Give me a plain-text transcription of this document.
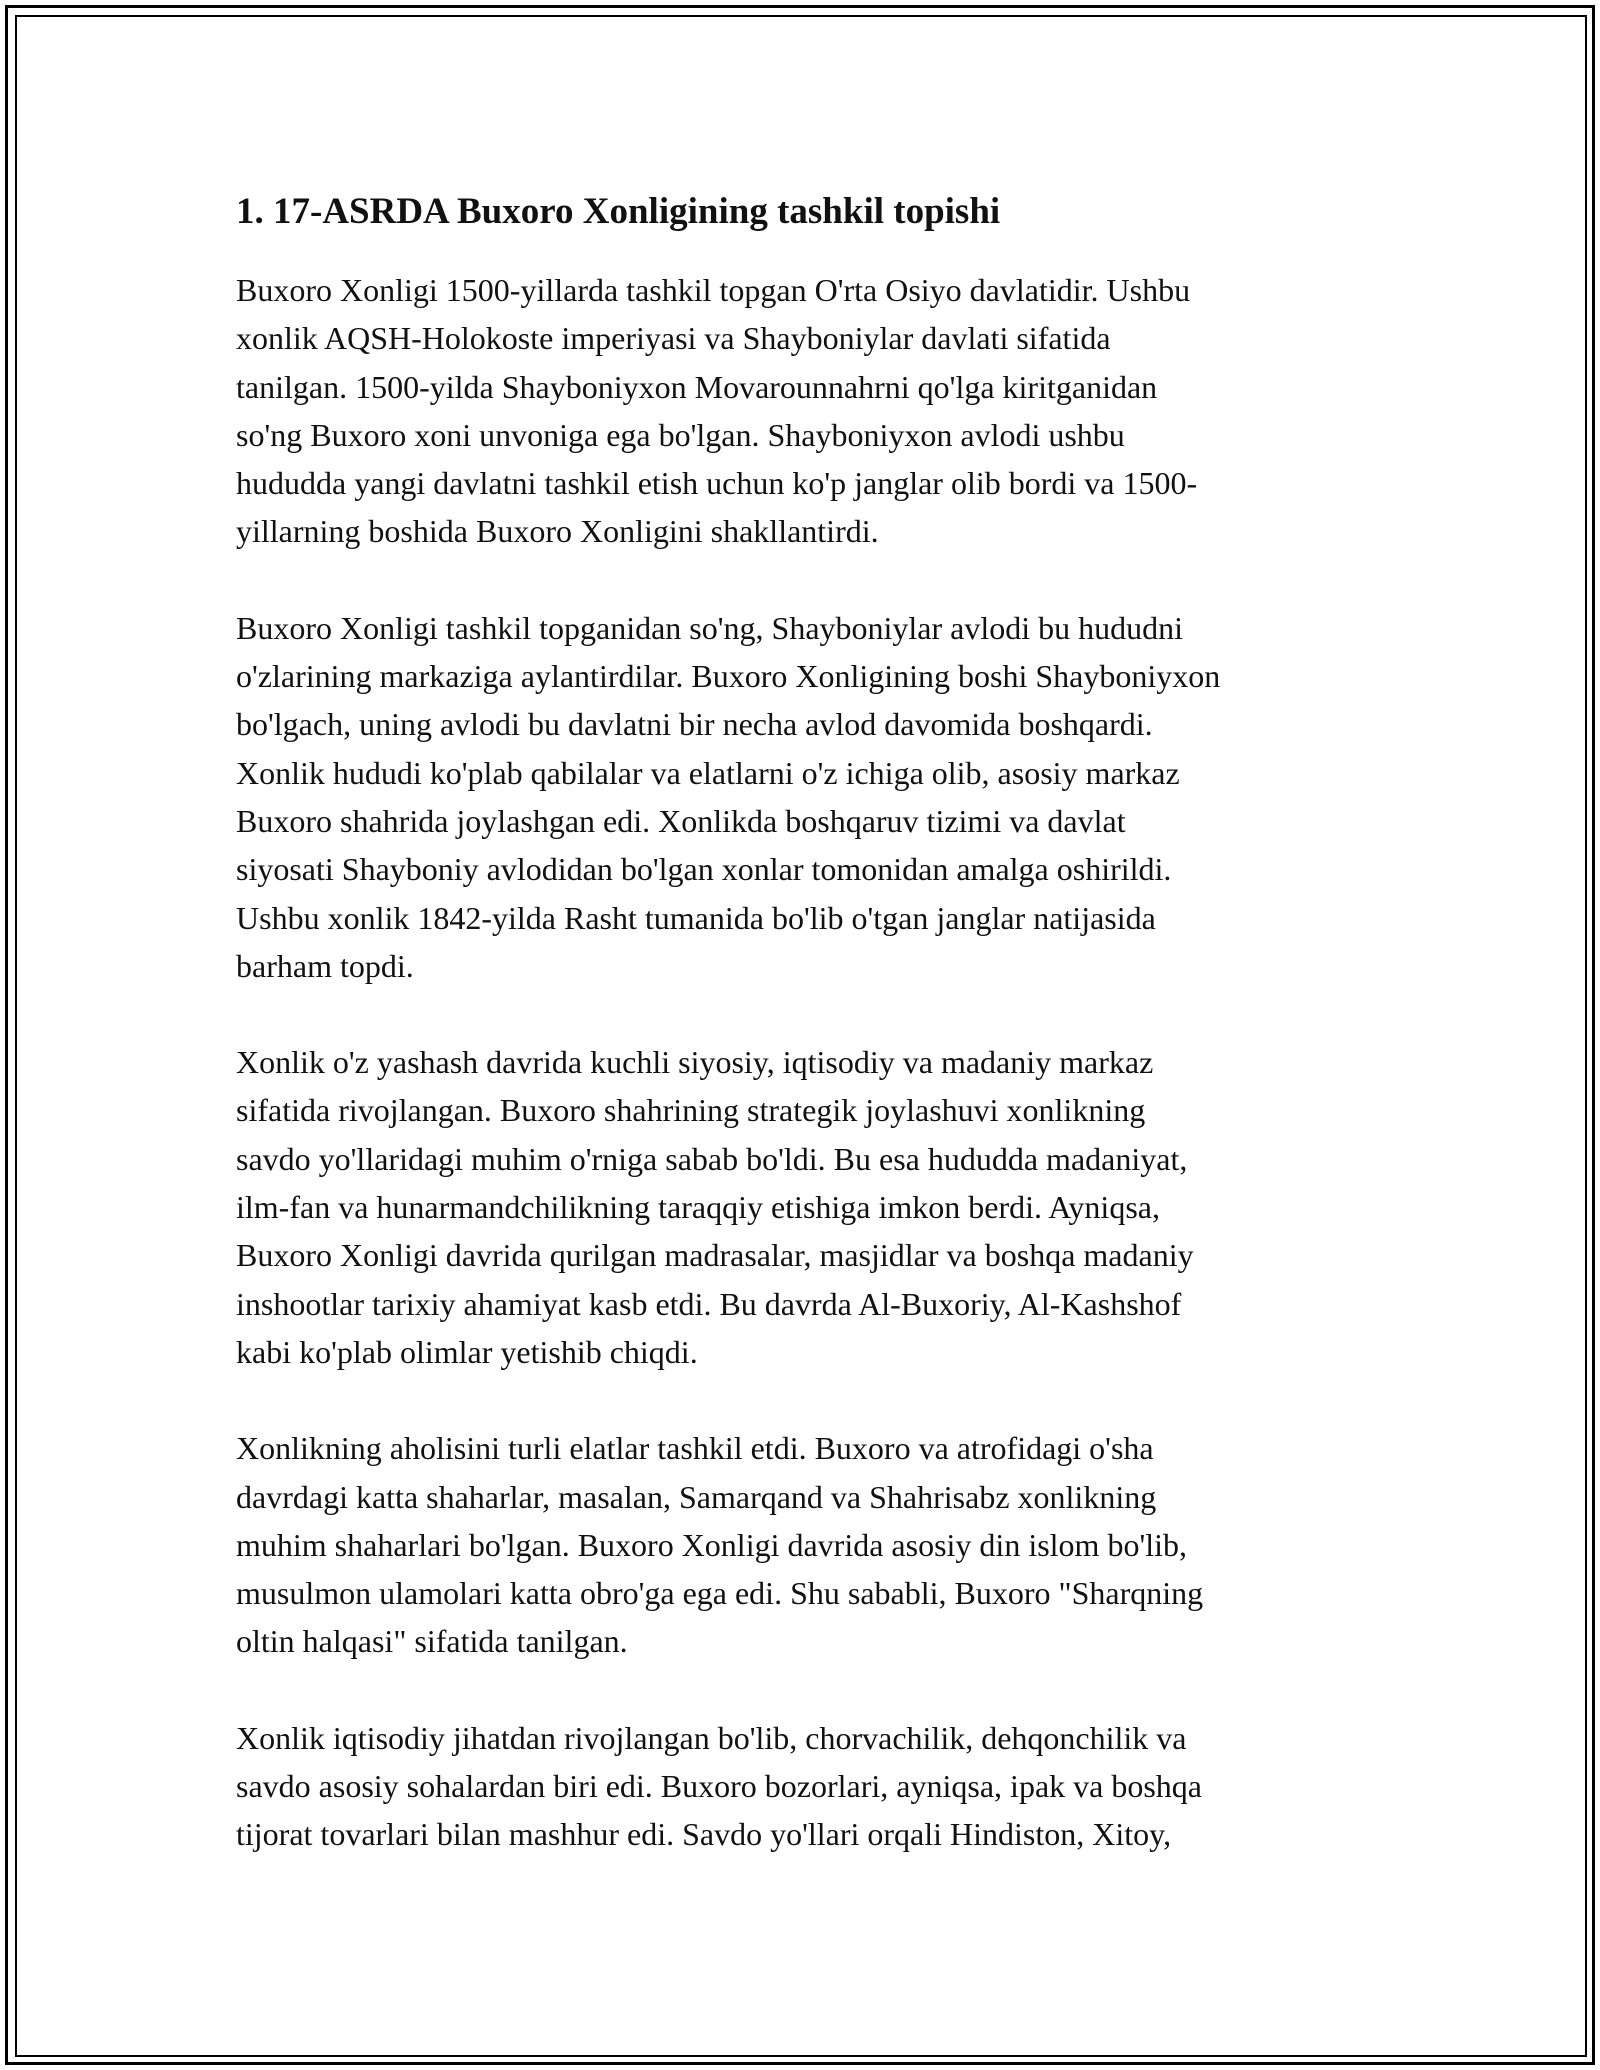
1. 17-ASRDA Buxoro Xonligining tashkil topishi

Buxoro Xonligi 1500-yillarda tashkil topgan O'rta Osiyo davlatidir. Ushbu
xonlik AQSH-Holokoste imperiyasi va Shayboniylar davlati sifatida
tanilgan. 1500-yilda Shayboniyxon Movarounnahrni qo'lga kiritganidan
so'ng Buxoro xoni unvoniga ega bo'lgan. Shayboniyxon avlodi ushbu
hududda yangi davlatni tashkil etish uchun ko'p janglar olib bordi va 1500-
yillarning boshida Buxoro Xonligini shakllantirdi.

Buxoro Xonligi tashkil topganidan so'ng, Shayboniylar avlodi bu hududni
o'zlarining markaziga aylantirdilar. Buxoro Xonligining boshi Shayboniyxon
bo'lgach, uning avlodi bu davlatni bir necha avlod davomida boshqardi.
Xonlik hududi ko'plab qabilalar va elatlarni o'z ichiga olib, asosiy markaz
Buxoro shahrida joylashgan edi. Xonlikda boshqaruv tizimi va davlat
siyosati Shayboniy avlodidan bo'lgan xonlar tomonidan amalga oshirildi.
Ushbu xonlik 1842-yilda Rasht tumanida bo'lib o'tgan janglar natijasida
barham topdi.

Xonlik o'z yashash davrida kuchli siyosiy, iqtisodiy va madaniy markaz
sifatida rivojlangan. Buxoro shahrining strategik joylashuvi xonlikning
savdo yo'llaridagi muhim o'rniga sabab bo'ldi. Bu esa hududda madaniyat,
ilm-fan va hunarmandchilikning taraqqiy etishiga imkon berdi. Ayniqsa,
Buxoro Xonligi davrida qurilgan madrasalar, masjidlar va boshqa madaniy
inshootlar tarixiy ahamiyat kasb etdi. Bu davrda Al-Buxoriy, Al-Kashshof
kabi ko'plab olimlar yetishib chiqdi.

Xonlikning aholisini turli elatlar tashkil etdi. Buxoro va atrofidagi o'sha
davrdagi katta shaharlar, masalan, Samarqand va Shahrisabz xonlikning
muhim shaharlari bo'lgan. Buxoro Xonligi davrida asosiy din islom bo'lib,
musulmon ulamolari katta obro'ga ega edi. Shu sababli, Buxoro "Sharqning
oltin halqasi" sifatida tanilgan.

Xonlik iqtisodiy jihatdan rivojlangan bo'lib, chorvachilik, dehqonchilik va
savdo asosiy sohalardan biri edi. Buxoro bozorlari, ayniqsa, ipak va boshqa
tijorat tovarlari bilan mashhur edi. Savdo yo'llari orqali Hindiston, Xitoy,
